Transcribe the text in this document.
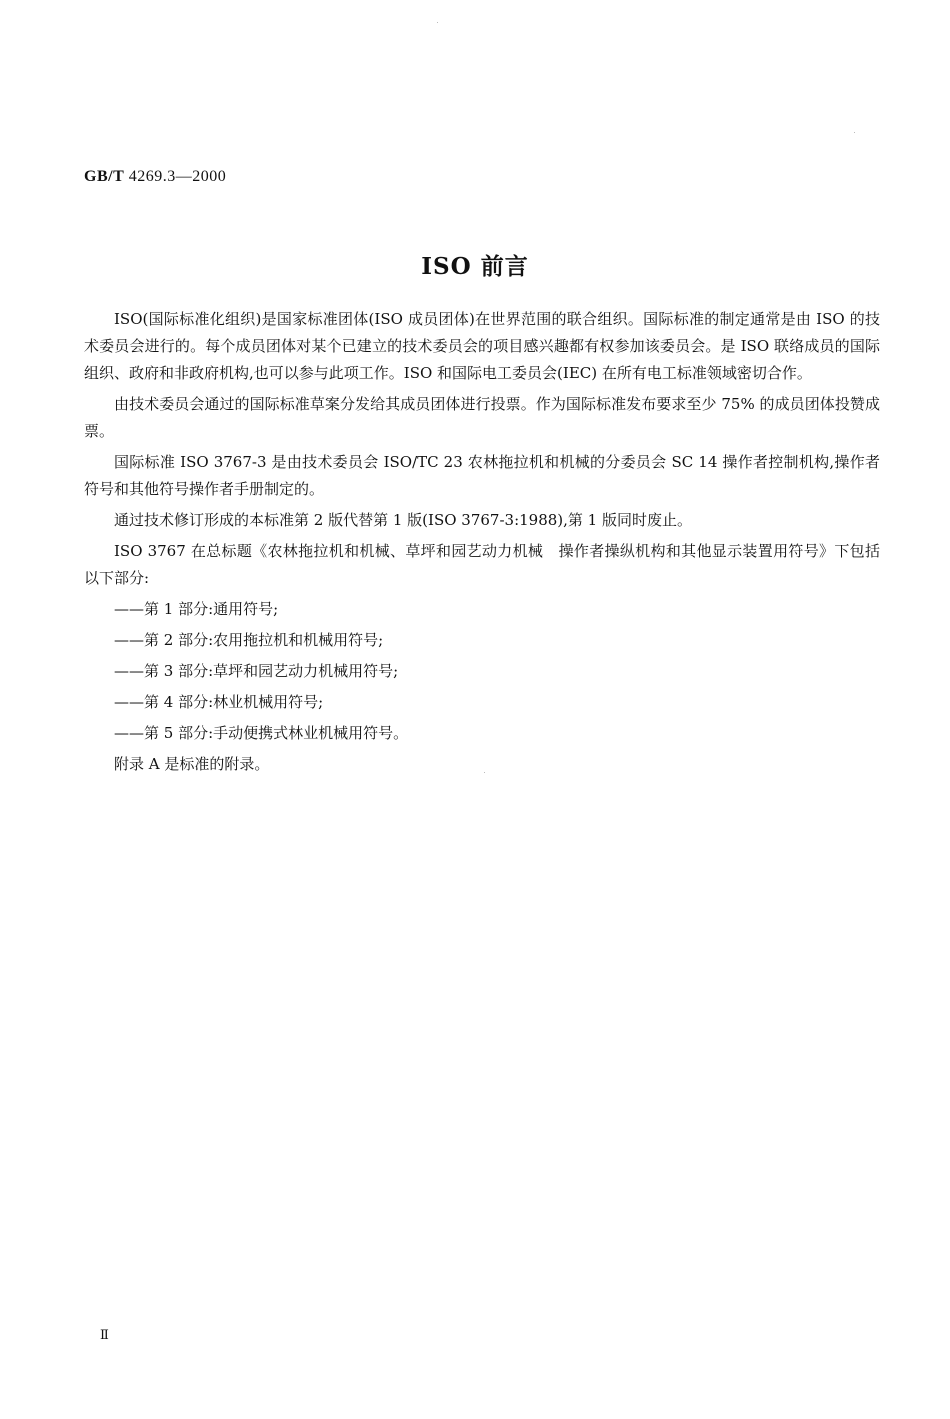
GB/T 4269.3—2000
ISO 前言

ISO(国际标准化组织)是国家标准团体(ISO 成员团体)在世界范围的联合组织。国际标准的制定通常是由 ISO 的技术委员会进行的。每个成员团体对某个已建立的技术委员会的项目感兴趣都有权参加该委员会。是 ISO 联络成员的国际组织、政府和非政府机构,也可以参与此项工作。ISO 和国际电工委员会(IEC) 在所有电工标准领域密切合作。

由技术委员会通过的国际标准草案分发给其成员团体进行投票。作为国际标准发布要求至少 75% 的成员团体投赞成票。

国际标准 ISO 3767-3 是由技术委员会 ISO/TC 23 农林拖拉机和机械的分委员会 SC 14 操作者控制机构,操作者符号和其他符号操作者手册制定的。

通过技术修订形成的本标准第 2 版代替第 1 版(ISO 3767-3:1988),第 1 版同时废止。

ISO 3767 在总标题《农林拖拉机和机械、草坪和园艺动力机械　操作者操纵机构和其他显示装置用符号》下包括以下部分:

——第 1 部分:通用符号;

——第 2 部分:农用拖拉机和机械用符号;

——第 3 部分:草坪和园艺动力机械用符号;

——第 4 部分:林业机械用符号;

——第 5 部分:手动便携式林业机械用符号。

附录 A 是标准的附录。

Ⅱ
